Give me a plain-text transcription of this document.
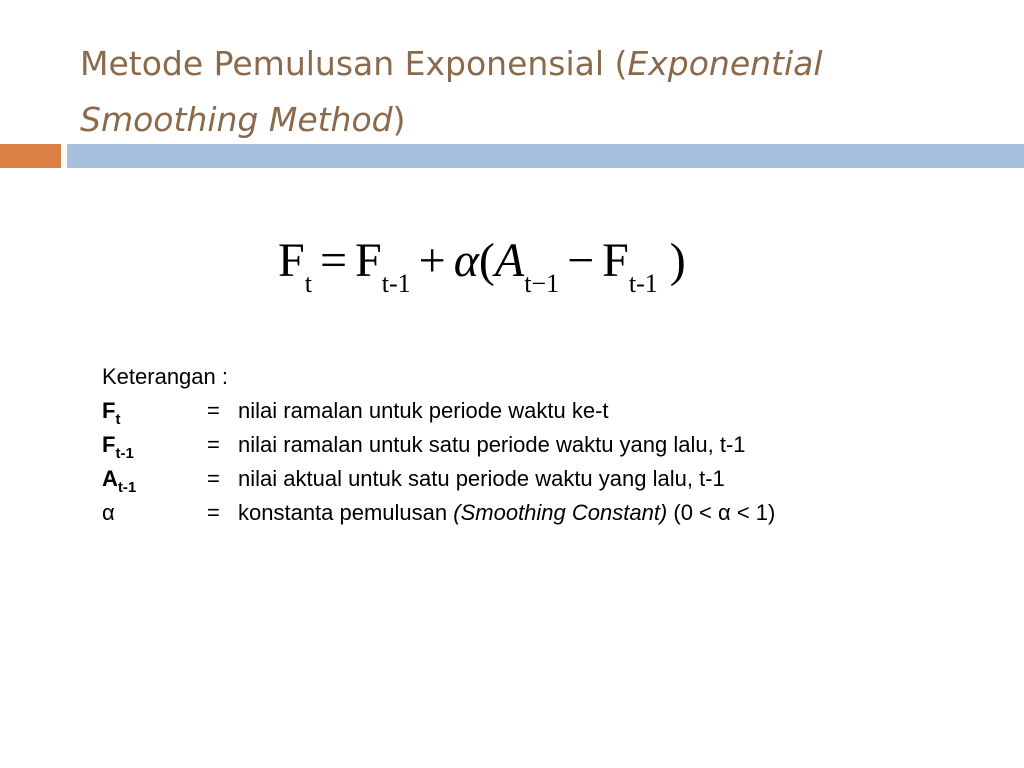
Metode Pemulusan Exponensial (Exponential Smoothing Method)
$F_t = F_{t-1} + \alpha(A_{t-1} - F_{t-1}$ )

Keterangan :

$F_t$	= nilai ramalan untuk periode waktu ke-t
$F_{t-1}$	= nilai ramalan untuk satu periode waktu yang lalu, t-1
$A_{t-1}$	= nilai aktual untuk satu periode waktu yang lalu, t-1
α	= konstanta pemulusan (Smoothing Constant) (0 < α < 1)
